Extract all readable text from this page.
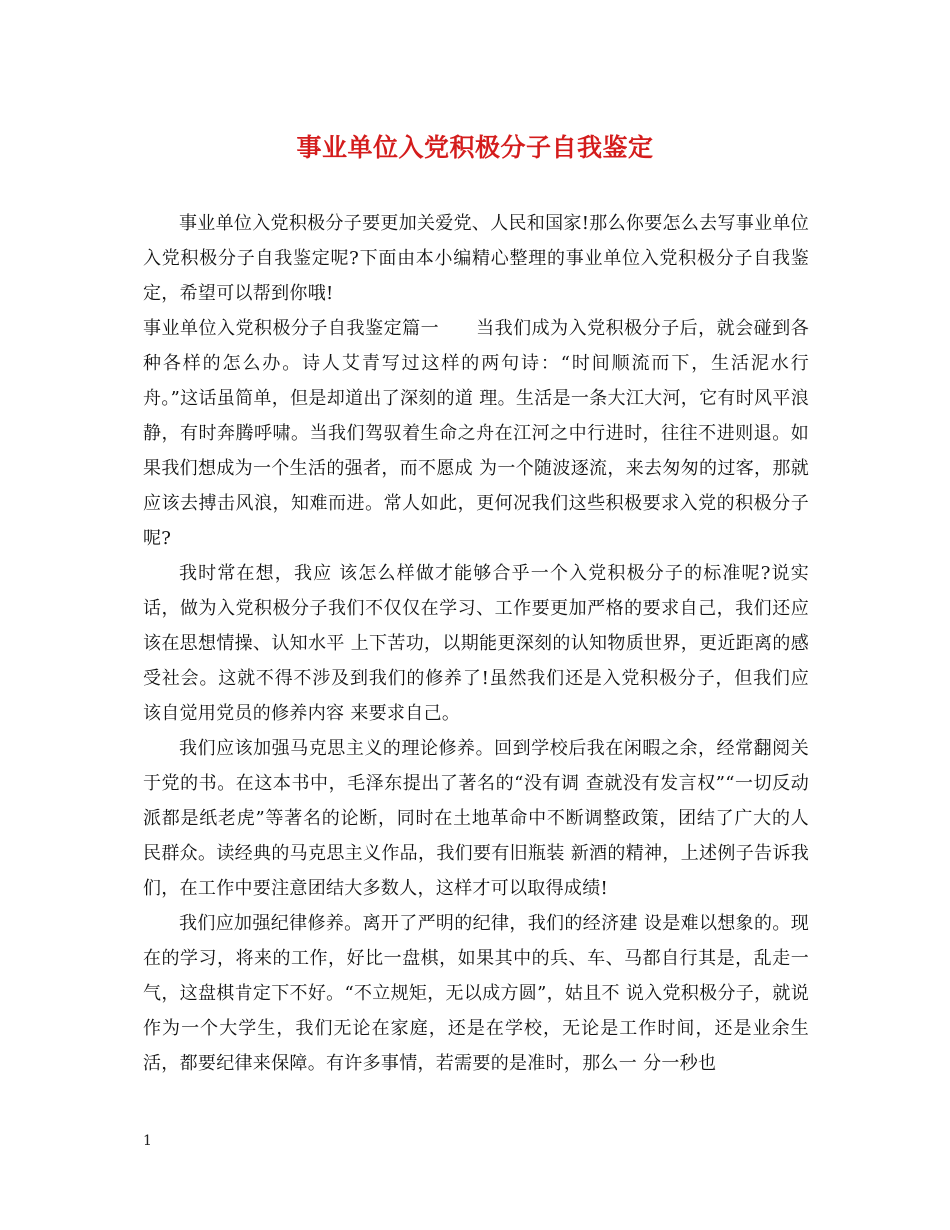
事业单位入党积极分子自我鉴定

事业单位入党积极分子要更加关爱党、人民和国家!那么你要怎么去写事业单位入党积极分子自我鉴定呢?下面由本小编精心整理的事业单位入党积极分子自我鉴定，希望可以帮到你哦!

事业单位入党积极分子自我鉴定篇一　　当我们成为入党积极分子后，就会碰到各种各样的怎么办。诗人艾青写过这样的两句诗：“时间顺流而下，生活泥水行舟。”这话虽简单，但是却道出了深刻的道 理。生活是一条大江大河，它有时风平浪静，有时奔腾呼啸。当我们驾驭着生命之舟在江河之中行进时，往往不进则退。如果我们想成为一个生活的强者，而不愿成 为一个随波逐流，来去匆匆的过客，那就应该去搏击风浪，知难而进。常人如此，更何况我们这些积极要求入党的积极分子呢?

我时常在想，我应 该怎么样做才能够合乎一个入党积极分子的标准呢?说实话，做为入党积极分子我们不仅仅在学习、工作要更加严格的要求自己，我们还应该在思想情操、认知水平 上下苦功，以期能更深刻的认知物质世界，更近距离的感受社会。这就不得不涉及到我们的修养了!虽然我们还是入党积极分子，但我们应该自觉用党员的修养内容 来要求自己。

我们应该加强马克思主义的理论修养。回到学校后我在闲暇之余，经常翻阅关于党的书。在这本书中，毛泽东提出了著名的“没有调 查就没有发言权”“一切反动派都是纸老虎”等著名的论断，同时在土地革命中不断调整政策，团结了广大的人民群众。读经典的马克思主义作品，我们要有旧瓶装 新酒的精神，上述例子告诉我们，在工作中要注意团结大多数人，这样才可以取得成绩!

我们应加强纪律修养。离开了严明的纪律，我们的经济建 设是难以想象的。现在的学习，将来的工作，好比一盘棋，如果其中的兵、车、马都自行其是，乱走一气，这盘棋肯定下不好。“不立规矩，无以成方圆”，姑且不 说入党积极分子，就说作为一个大学生，我们无论在家庭，还是在学校，无论是工作时间，还是业余生活，都要纪律来保障。有许多事情，若需要的是准时，那么一 分一秒也

1
